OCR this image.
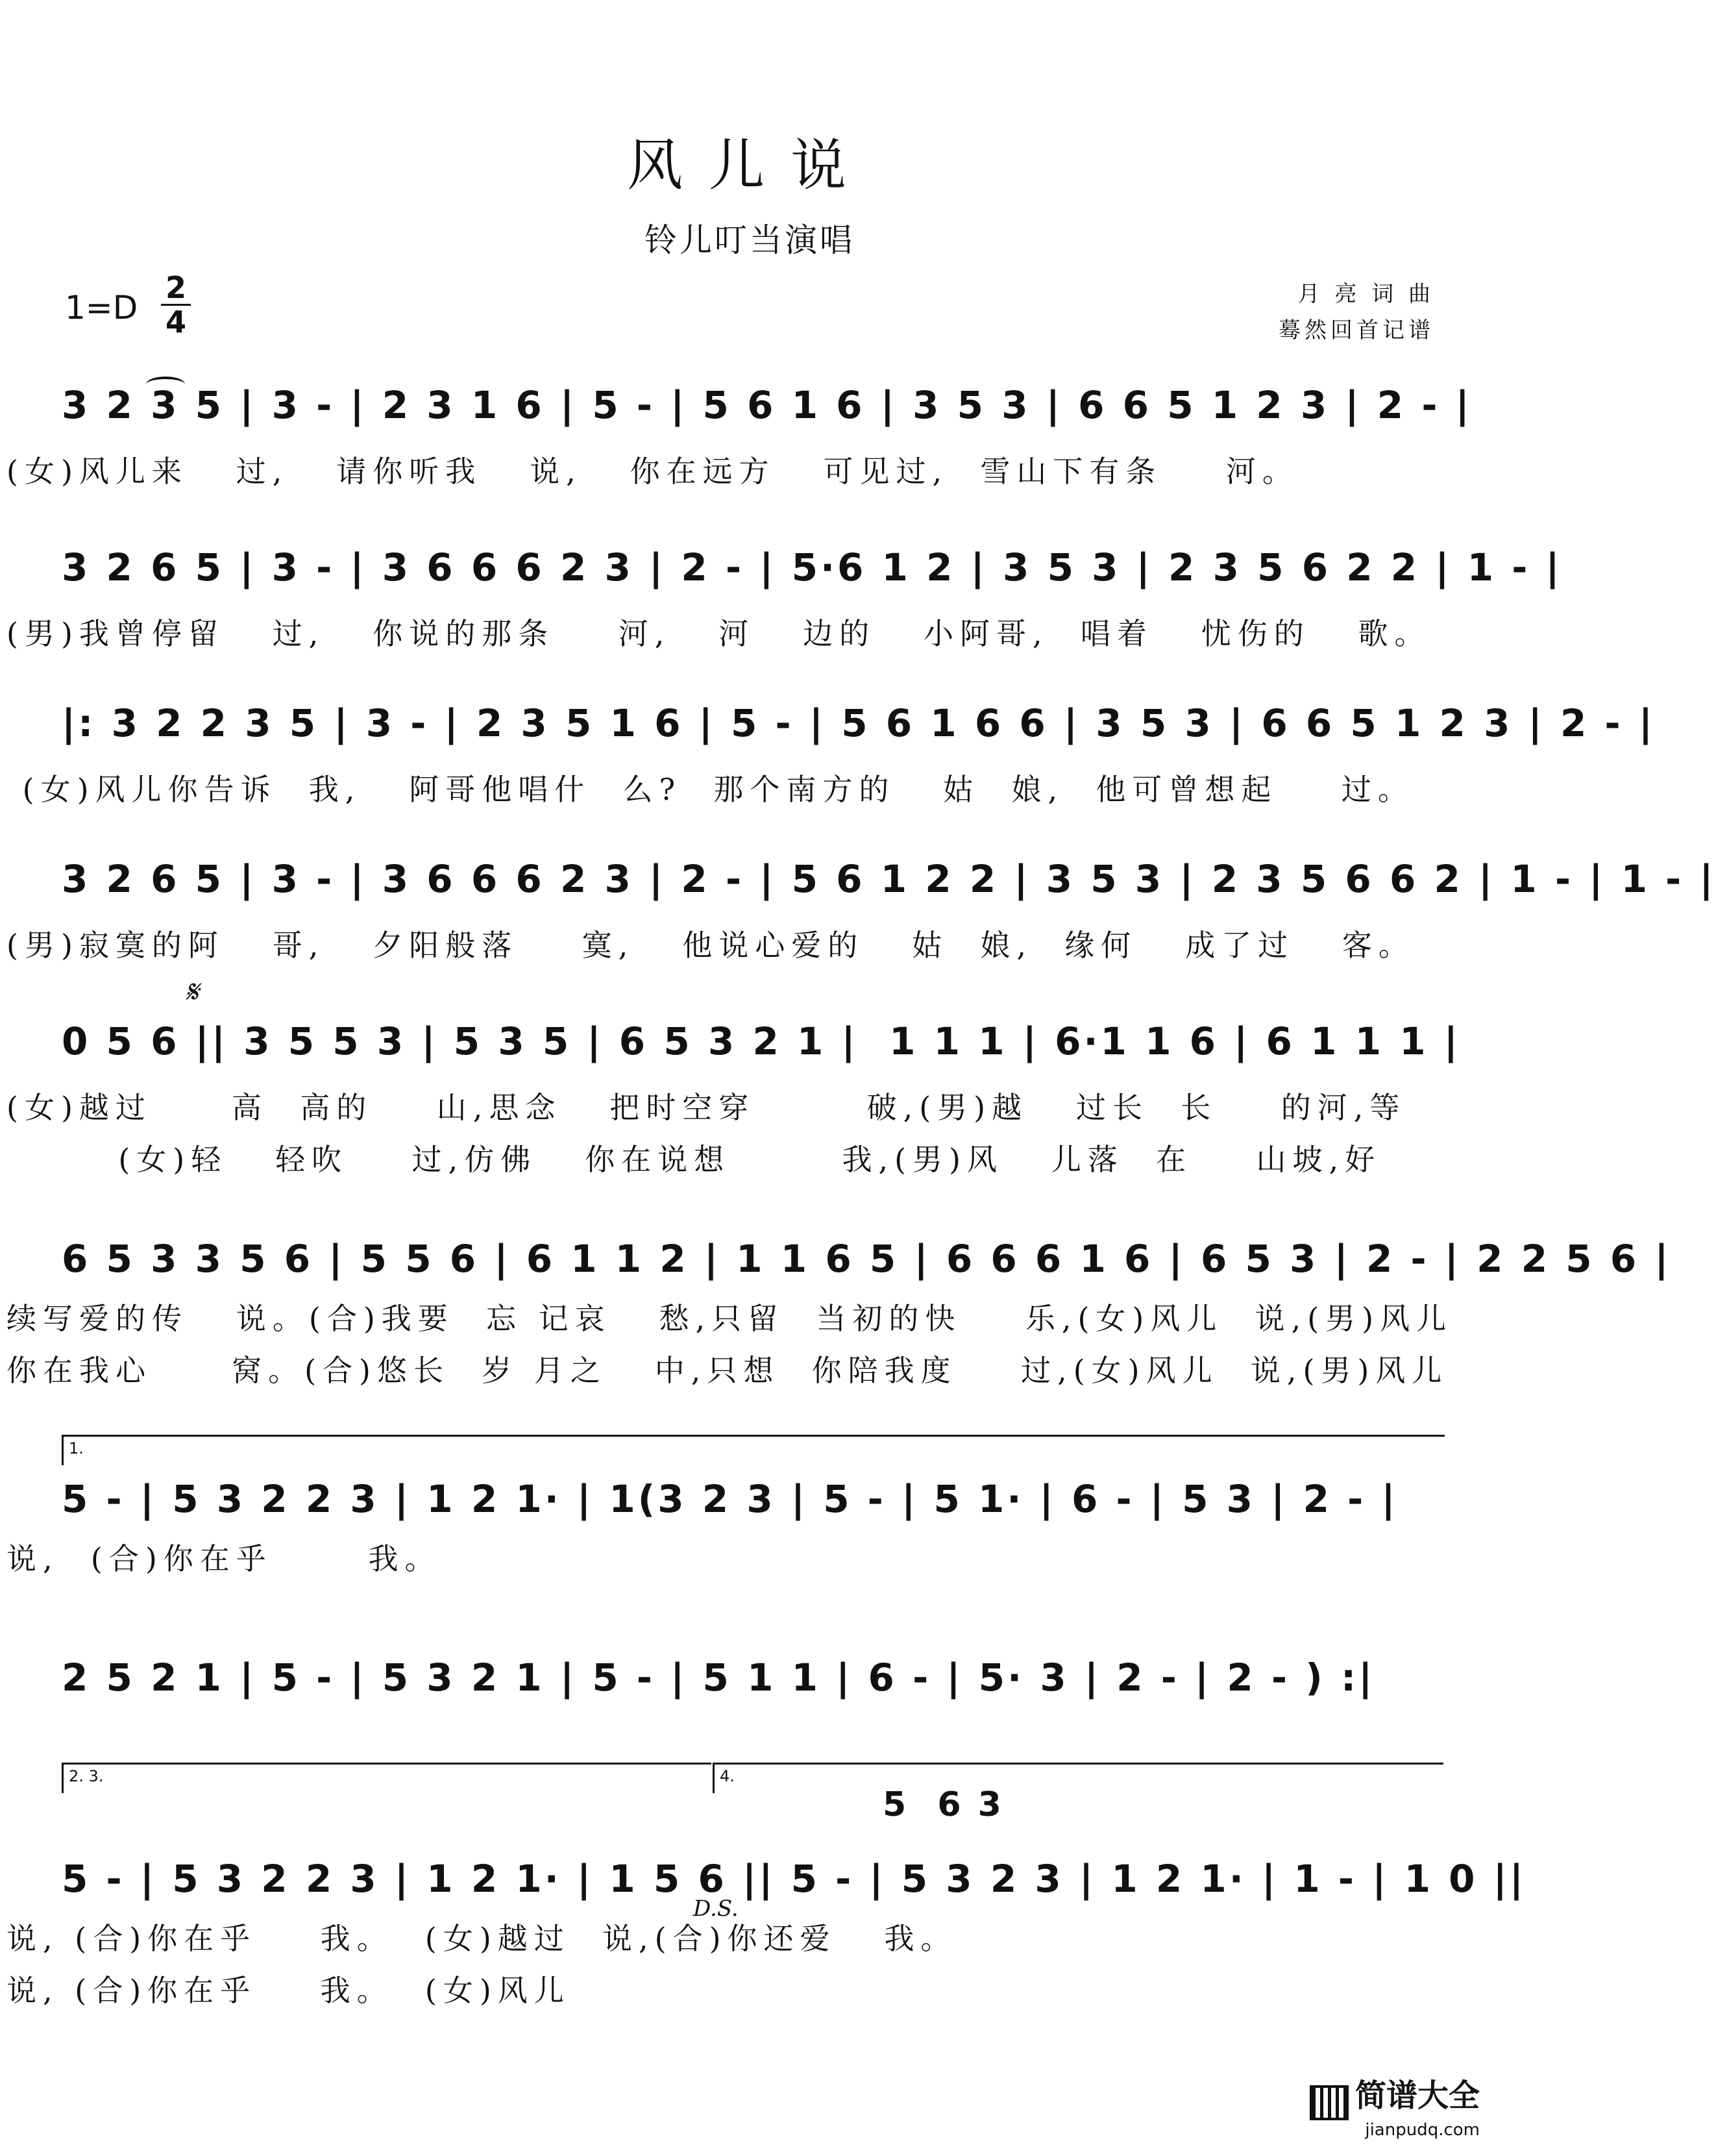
风儿说
铃儿叮当演唱
1=D
2
4
月 亮 词 曲
蓦然回首记谱
3 2 3 5 | 3 - | 2 3 1 6 | 5 - | 5 6 1 6 | 3 5 3 | 6 6 5 1 2 3 | 2 - |
(女)风儿来   过,   请你听我   说,   你在远方   可见过,  雪山下有条    河。
3 2 6 5 | 3 - | 3 6 6 6 2 3 | 2 - | 5·6 1 2 | 3 5 3 | 2 3 5 6 2 2 | 1 - |
(男)我曾停留   过,   你说的那条    河,   河   边的   小阿哥,  唱着   忧伤的   歌。
|: 3 2 2 3 5 | 3 - | 2 3 5 1 6 | 5 - | 5 6 1 6 6 | 3 5 3 | 6 6 5 1 2 3 | 2 - |
(女)风儿你告诉  我,   阿哥他唱什  么?  那个南方的   姑  娘,  他可曾想起    过。
3 2 6 5 | 3 - | 3 6 6 6 2 3 | 2 - | 5 6 1 2 2 | 3 5 3 | 2 3 5 6 6 2 | 1 - | 1 - |
(男)寂寞的阿   哥,   夕阳般落    寞,   他说心爱的   姑  娘,  缘何   成了过   客。
𝄋
0 5 6 || 3 5 5 3 | 5 3 5 | 6 5 3 2 1 |  1 1 1 | 6·1 1 6 | 6 1 1 1 |
(女)越过     高  高的    山,思念   把时空穿       破,(男)越   过长  长    的河,等
(女)轻   轻吹    过,仿佛   你在说想       我,(男)风   儿落  在    山坡,好
6 5 3 3 5 6 | 5 5 6 | 6 1 1 2 | 1 1 6 5 | 6 6 6 1 6 | 6 5 3 | 2 - | 2 2 5 6 |
续写爱的传   说。(合)我要  忘 记哀   愁,只留  当初的快    乐,(女)风儿  说,(男)风儿
你在我心     窝。(合)悠长  岁 月之   中,只想  你陪我度    过,(女)风儿  说,(男)风儿
1.
5 - | 5 3 2 2 3 | 1 2 1· | 1(3 2 3 | 5 - | 5 1· | 6 - | 5 3 | 2 - |
说,  (合)你在乎      我。
2 5 2 1 | 5 - | 5 3 2 1 | 5 - | 5 1 1 | 6 - | 5· 3 | 2 - | 2 - ) :|
2. 3.	4.
5  6 3
D.S.
5 - | 5 3 2 2 3 | 1 2 1· | 1 5 6 || 5 - | 5 3 2 3 | 1 2 1· | 1 - | 1 0 ||
说, (合)你在乎    我。  (女)越过  说,(合)你还爱   我。
说, (合)你在乎    我。  (女)风儿
简谱大全
jianpudq.com
